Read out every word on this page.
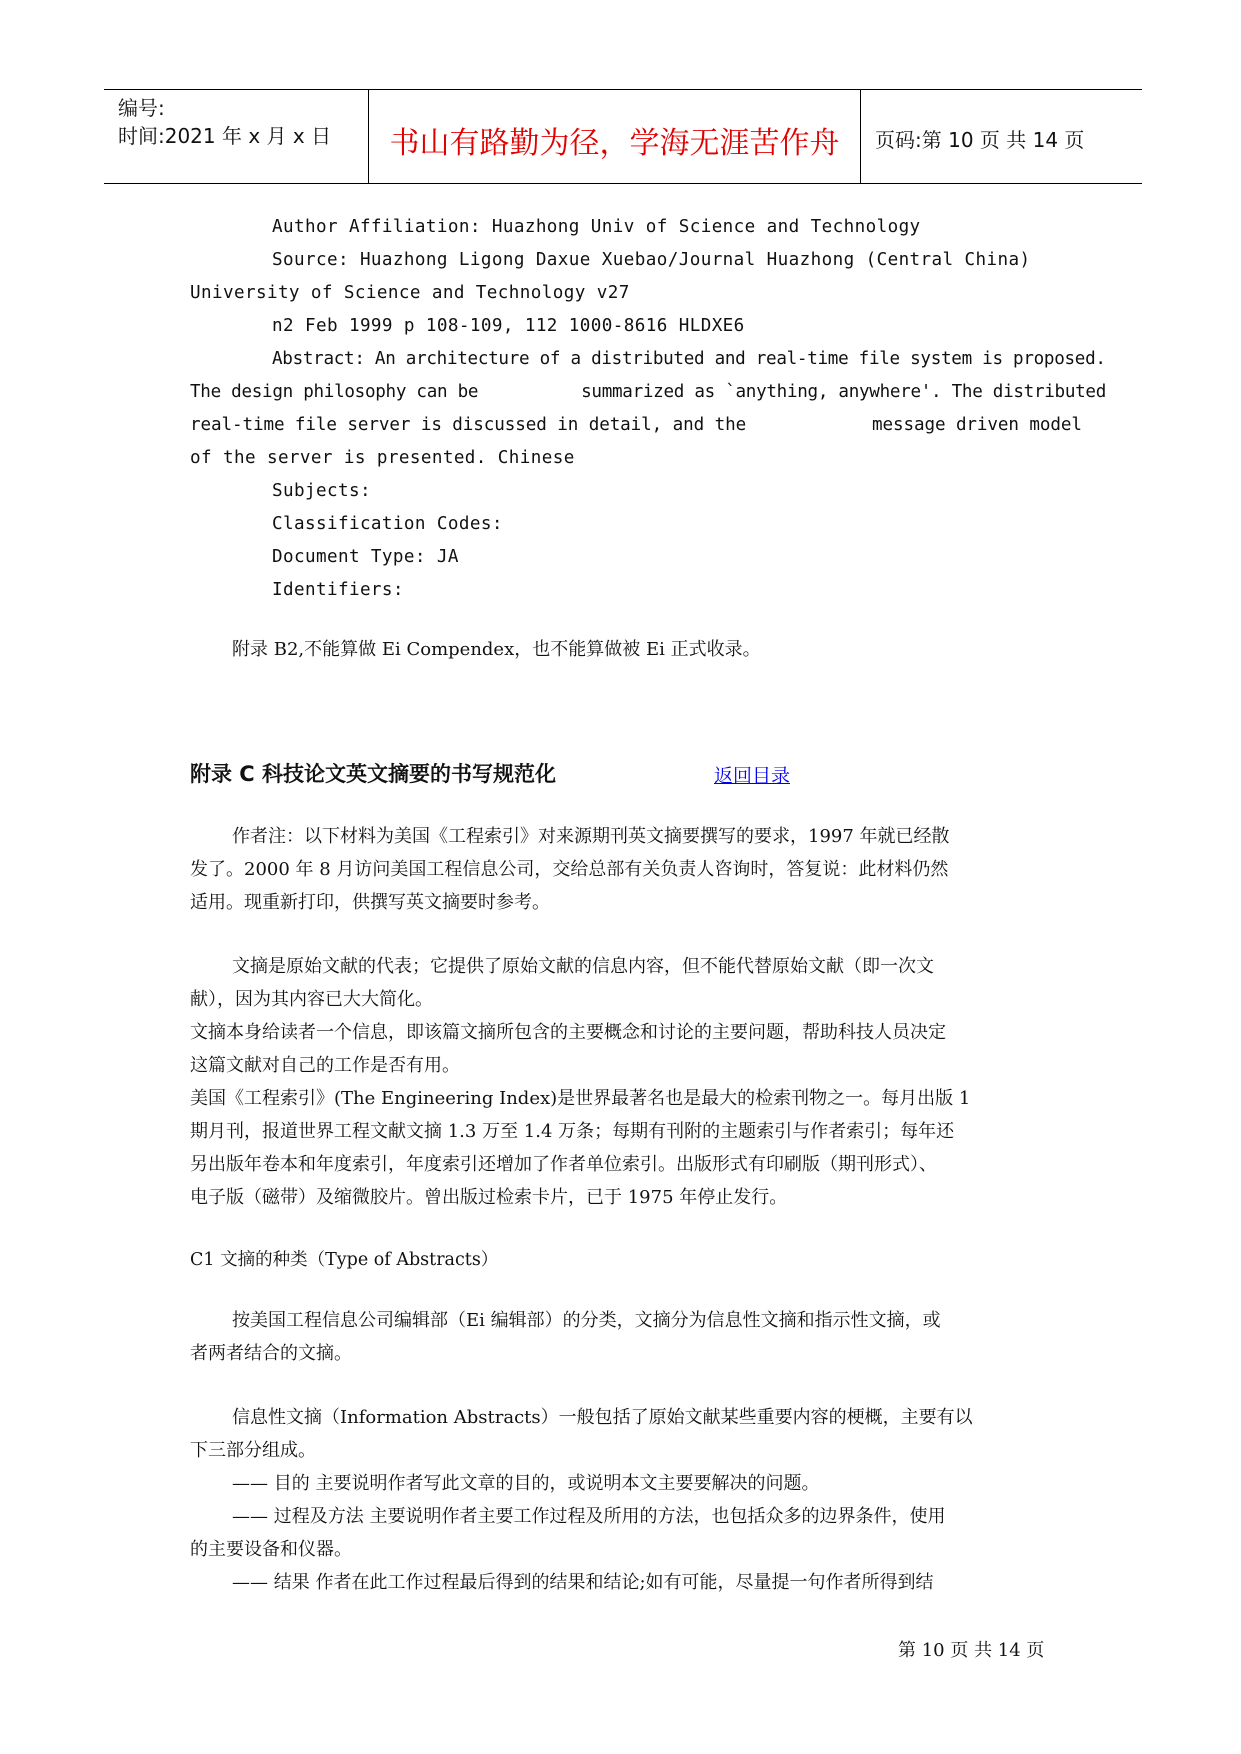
编号:
时间:2021 年 x 月 x 日	书山有路勤为径，学海无涯苦作舟	页码:第 10 页 共 14 页
Author Affiliation: Huazhong Univ of Science and Technology
Source: Huazhong Ligong Daxue Xuebao/Journal Huazhong (Central China)
University of Science and Technology v27
n2 Feb 1999 p 108-109, 112 1000-8616 HLDXE6
Abstract: An architecture of a distributed and real-time file system is proposed.
The design philosophy can be          summarized as `anything, anywhere'. The distributed
real-time file server is discussed in detail, and the            message driven model
of the server is presented. Chinese
Subjects:
Classification Codes:
Document Type: JA
Identifiers:
附录 B2,不能算做 Ei Compendex，也不能算做被 Ei 正式收录。
附录 C 科技论文英文摘要的书写规范化	返回目录
作者注：以下材料为美国《工程索引》对来源期刊英文摘要撰写的要求，1997 年就已经散
发了。2000 年 8 月访问美国工程信息公司，交给总部有关负责人咨询时，答复说：此材料仍然
适用。现重新打印，供撰写英文摘要时参考。
文摘是原始文献的代表；它提供了原始文献的信息内容，但不能代替原始文献（即一次文
献），因为其内容已大大简化。
文摘本身给读者一个信息，即该篇文摘所包含的主要概念和讨论的主要问题，帮助科技人员决定
这篇文献对自己的工作是否有用。
美国《工程索引》(The Engineering Index)是世界最著名也是最大的检索刊物之一。每月出版 1
期月刊，报道世界工程文献文摘 1.3 万至 1.4 万条；每期有刊附的主题索引与作者索引；每年还
另出版年卷本和年度索引，年度索引还增加了作者单位索引。出版形式有印刷版（期刊形式）、
电子版（磁带）及缩微胶片。曾出版过检索卡片，已于 1975 年停止发行。
C1 文摘的种类（Type of Abstracts）
按美国工程信息公司编辑部（Ei 编辑部）的分类，文摘分为信息性文摘和指示性文摘，或
者两者结合的文摘。
信息性文摘（Information Abstracts）一般包括了原始文献某些重要内容的梗概，主要有以
下三部分组成。
—— 目的 主要说明作者写此文章的目的，或说明本文主要要解决的问题。
—— 过程及方法 主要说明作者主要工作过程及所用的方法，也包括众多的边界条件，使用
的主要设备和仪器。
—— 结果 作者在此工作过程最后得到的结果和结论;如有可能，尽量提一句作者所得到结
第 10 页 共 14 页
